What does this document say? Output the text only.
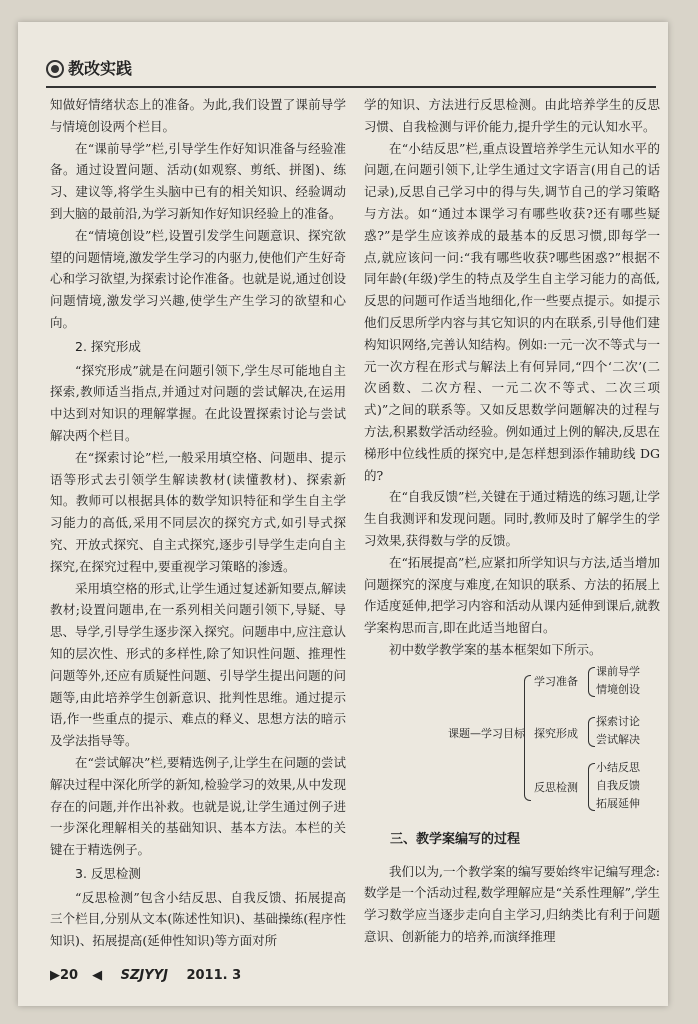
教改实践

知做好情绪状态上的准备。为此,我们设置了课前导学与情境创设两个栏目。

在“课前导学”栏,引导学生作好知识准备与经验准备。通过设置问题、活动(如观察、剪纸、拼图)、练习、建议等,将学生头脑中已有的相关知识、经验调动到大脑的最前沿,为学习新知作好知识经验上的准备。

在“情境创设”栏,设置引发学生问题意识、探究欲望的问题情境,激发学生学习的内驱力,使他们产生好奇心和学习欲望,为探索讨论作准备。也就是说,通过创设问题情境,激发学习兴趣,使学生产生学习的欲望和心向。

2. 探究形成

“探究形成”就是在问题引领下,学生尽可能地自主探索,教师适当指点,并通过对问题的尝试解决,在运用中达到对知识的理解掌握。在此设置探索讨论与尝试解决两个栏目。

在“探索讨论”栏,一般采用填空格、问题串、提示语等形式去引领学生解读教材(读懂教材)、探索新知。教师可以根据具体的数学知识特征和学生自主学习能力的高低,采用不同层次的探究方式,如引导式探究、开放式探究、自主式探究,逐步引导学生走向自主探究,在探究过程中,要重视学习策略的渗透。

采用填空格的形式,让学生通过复述新知要点,解读教材;设置问题串,在一系列相关问题引领下,导疑、导思、导学,引导学生逐步深入探究。问题串中,应注意认知的层次性、形式的多样性,除了知识性问题、推理性问题等外,还应有质疑性问题、引导学生提出问题的问题等,由此培养学生创新意识、批判性思维。通过提示语,作一些重点的提示、难点的释义、思想方法的暗示及学法指导等。

在“尝试解决”栏,要精选例子,让学生在问题的尝试解决过程中深化所学的新知,检验学习的效果,从中发现存在的问题,并作出补救。也就是说,让学生通过例子进一步深化理解相关的基础知识、基本方法。本栏的关键在于精选例子。

3. 反思检测

“反思检测”包含小结反思、自我反馈、拓展提高三个栏目,分别从文本(陈述性知识)、基础操练(程序性知识)、拓展提高(延伸性知识)等方面对所

学的知识、方法进行反思检测。由此培养学生的反思习惯、自我检测与评价能力,提升学生的元认知水平。

在“小结反思”栏,重点设置培养学生元认知水平的问题,在问题引领下,让学生通过文字语言(用自己的话记录),反思自己学习中的得与失,调节自己的学习策略与方法。如“通过本课学习有哪些收获?还有哪些疑惑?”是学生应该养成的最基本的反思习惯,即每学一点,就应该问一问:“我有哪些收获?哪些困惑?”根据不同年龄(年级)学生的特点及学生自主学习能力的高低,反思的问题可作适当地细化,作一些要点提示。如提示他们反思所学内容与其它知识的内在联系,引导他们建构知识网络,完善认知结构。例如:一元一次不等式与一元一次方程在形式与解法上有何异同,“四个‘二次’(二次函数、二次方程、一元二次不等式、二次三项式)”之间的联系等。又如反思数学问题解决的过程与方法,积累数学活动经验。例如通过上例的解决,反思在梯形中位线性质的探究中,是怎样想到添作辅助线 DG 的?

在“自我反馈”栏,关键在于通过精选的练习题,让学生自我测评和发现问题。同时,教师及时了解学生的学习效果,获得数与学的反馈。

在“拓展提高”栏,应紧扣所学知识与方法,适当增加问题探究的深度与难度,在知识的联系、方法的拓展上作适度延伸,把学习内容和活动从课内延伸到课后,就教学案构思而言,即在此适当地留白。

初中数学教学案的基本框架如下所示。

课题—学习目标
学习准备
课前导学
情境创设
探究形成
探索讨论
尝试解决
反思检测
小结反思
自我反馈
拓展延伸
三、教学案编写的过程

我们以为,一个教学案的编写要始终牢记编写理念:数学是一个活动过程,数学理解应是“关系性理解”,学生学习数学应当逐步走向自主学习,归纳类比有利于问题意识、创新能力的培养,而演绎推理

▶20 ◀ SZJYYJ 2011. 3
